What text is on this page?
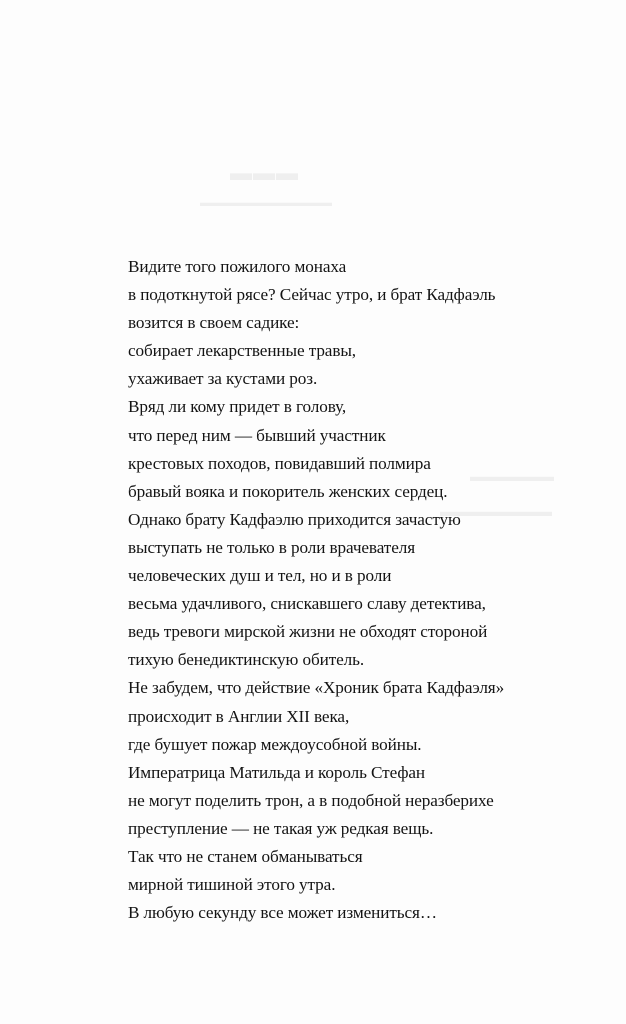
▬▬▬
▬▬▬▬▬▬▬▬▬▬▬▬
▬▬▬▬▬▬
▬▬▬▬▬▬▬▬
Видите того пожилого монаха
в подоткнутой рясе? Сейчас утро, и брат Кадфаэль
возится в своем садике:
собирает лекарственные травы,
ухаживает за кустами роз.
Вряд ли кому придет в голову,
что перед ним — бывший участник
крестовых походов, повидавший полмира
бравый вояка и покоритель женских сердец.
Однако брату Кадфаэлю приходится зачастую
выступать не только в роли врачевателя
человеческих душ и тел, но и в роли
весьма удачливого, снискавшего славу детектива,
ведь тревоги мирской жизни не обходят стороной
тихую бенедиктинскую обитель.
Не забудем, что действие «Хроник брата Кадфаэля»
происходит в Англии XII века,
где бушует пожар междоусобной войны.
Императрица Матильда и король Стефан
не могут поделить трон, а в подобной неразберихе
преступление — не такая уж редкая вещь.
Так что не станем обманываться
мирной тишиной этого утра.
В любую секунду все может измениться…
